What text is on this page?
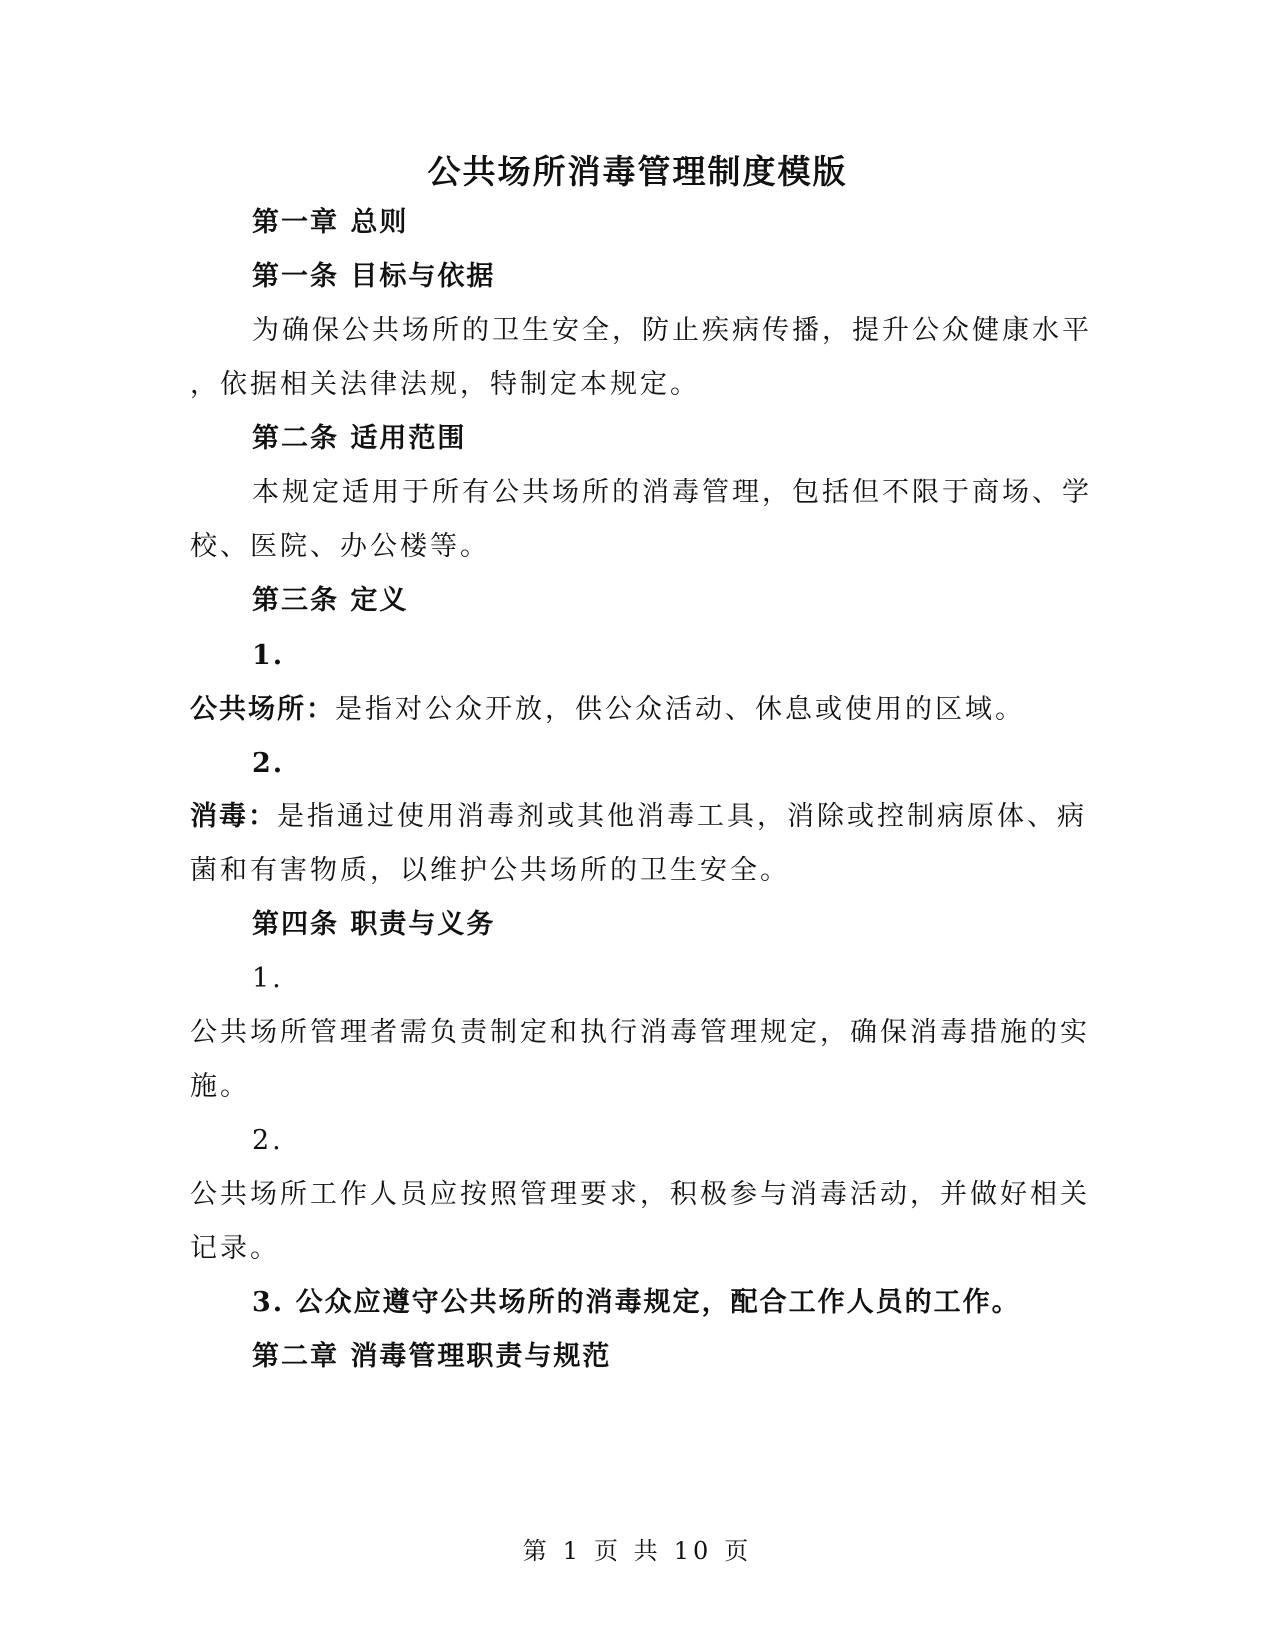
公共场所消毒管理制度模版
第一章 总则
第一条 目标与依据
为确保公共场所的卫生安全，防止疾病传播，提升公众健康水平
，依据相关法律法规，特制定本规定。
第二条 适用范围
本规定适用于所有公共场所的消毒管理，包括但不限于商场、学
校、医院、办公楼等。
第三条 定义
1.
公共场所：是指对公众开放，供公众活动、休息或使用的区域。
2.
消毒：是指通过使用消毒剂或其他消毒工具，消除或控制病原体、病
菌和有害物质，以维护公共场所的卫生安全。
第四条 职责与义务
1.
公共场所管理者需负责制定和执行消毒管理规定，确保消毒措施的实
施。
2.
公共场所工作人员应按照管理要求，积极参与消毒活动，并做好相关
记录。
3. 公众应遵守公共场所的消毒规定，配合工作人员的工作。
第二章 消毒管理职责与规范
第 1 页 共 10 页
